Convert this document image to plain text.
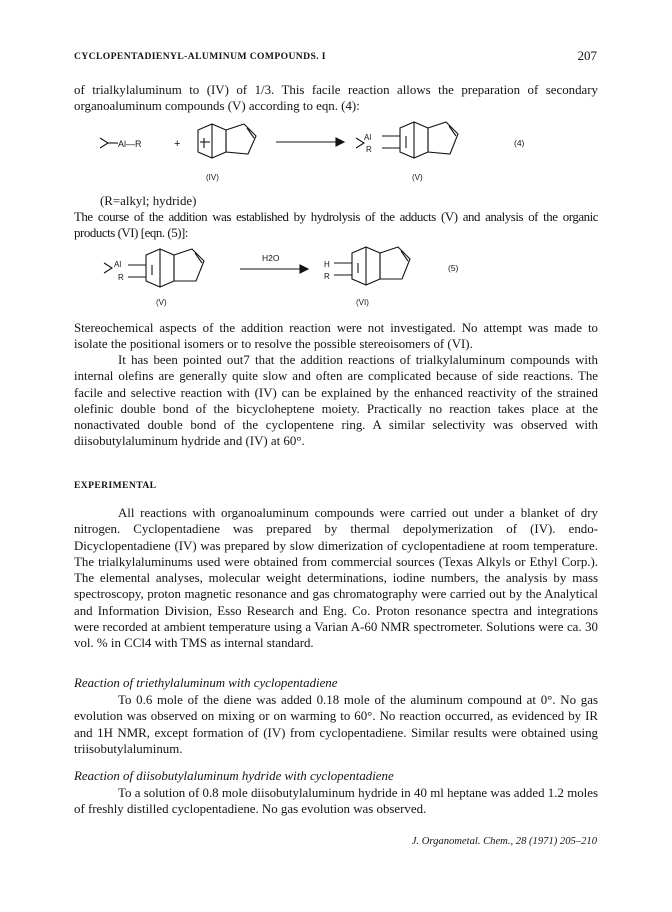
CYCLOPENTADIENYL-ALUMINUM COMPOUNDS. I	207

of trialkylaluminum to (IV) of 1/3. This facile reaction allows the preparation of secondary organoaluminum compounds (V) according to eqn. (4):

Al—R	+
Al
R
(4)
(IV)	(V)
(R=alkyl; hydride)

The course of the addition was established by hydrolysis of the adducts (V) and analysis of the organic products (VI) [eqn. (5)]:

Al
R
H2O
H
R
(5)
(V)	(VI)

Stereochemical aspects of the addition reaction were not investigated. No attempt was made to isolate the positional isomers or to resolve the possible stereoisomers of (VI).

It has been pointed out7 that the addition reactions of trialkylaluminum compounds with internal olefins are generally quite slow and often are complicated because of side reactions. The facile and selective reaction with (IV) can be explained by the enhanced reactivity of the strained olefinic double bond of the bicycloheptene moiety. Practically no reaction takes place at the nonactivated double bond of the cyclopentene ring. A similar selectivity was observed with diisobutylaluminum hydride and (IV) at 60°.

EXPERIMENTAL

All reactions with organoaluminum compounds were carried out under a blanket of dry nitrogen. Cyclopentadiene was prepared by thermal depolymerization of (IV). endo-Dicyclopentadiene (IV) was prepared by slow dimerization of cyclopentadiene at room temperature. The trialkylaluminums used were obtained from commercial sources (Texas Alkyls or Ethyl Corp.). The elemental analyses, molecular weight determinations, iodine numbers, the analysis by mass spectroscopy, proton magnetic resonance and gas chromatography were carried out by the Analytical and Information Division, Esso Research and Eng. Co. Proton resonance spectra and integrations were recorded at ambient temperature using a Varian A-60 NMR spectrometer. Solutions were ca. 30 vol. % in CCl4 with TMS as internal standard.

Reaction of triethylaluminum with cyclopentadiene

To 0.6 mole of the diene was added 0.18 mole of the aluminum compound at 0°. No gas evolution was observed on mixing or on warming to 60°. No reaction occurred, as evidenced by IR and 1H NMR, except formation of (IV) from cyclopentadiene. Similar results were obtained using triisobutylaluminum.

Reaction of diisobutylaluminum hydride with cyclopentadiene

To a solution of 0.8 mole diisobutylaluminum hydride in 40 ml heptane was added 1.2 moles of freshly distilled cyclopentadiene. No gas evolution was observed.

J. Organometal. Chem., 28 (1971) 205–210
